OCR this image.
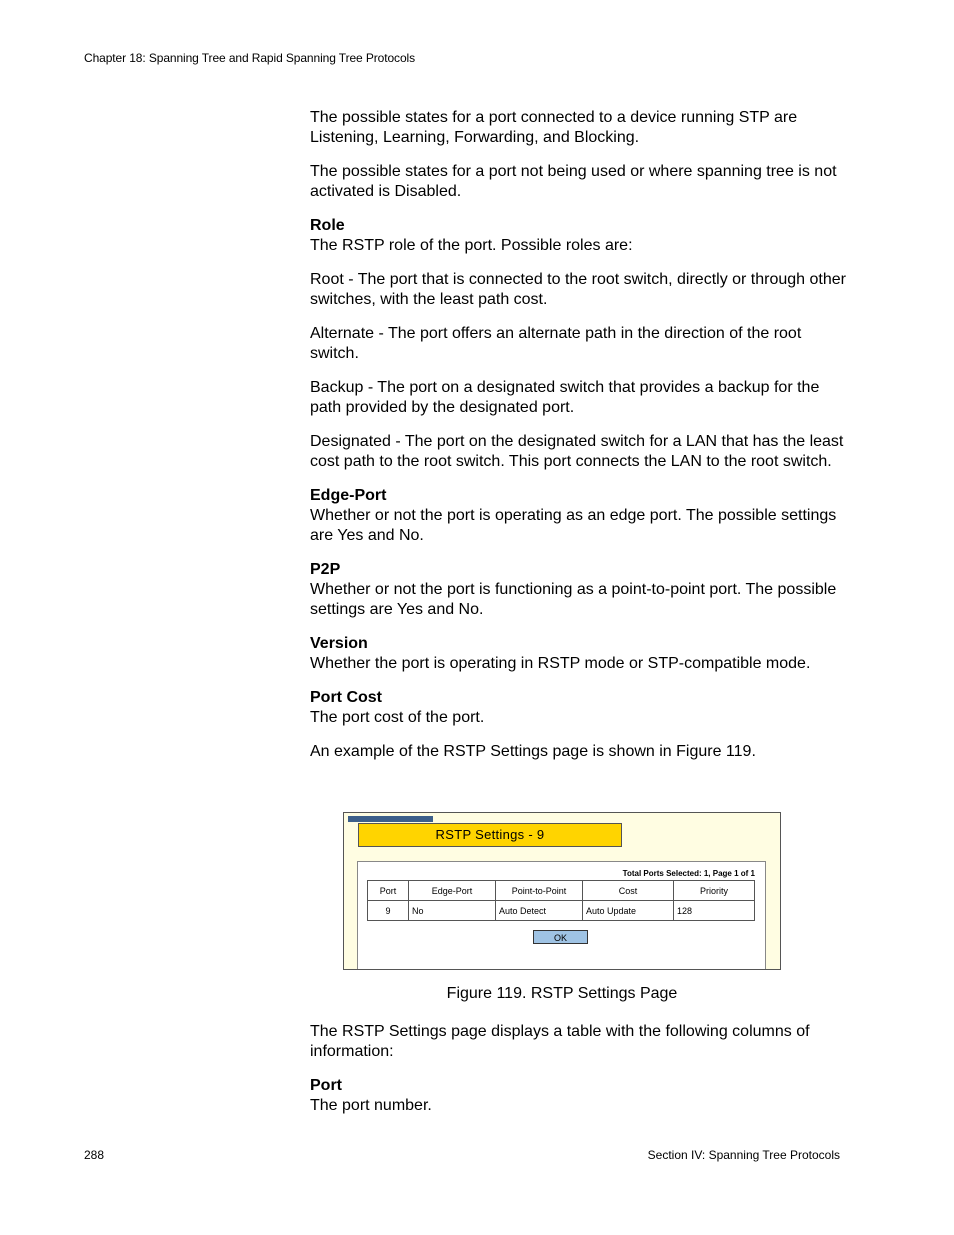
Chapter 18: Spanning Tree and Rapid Spanning Tree Protocols

The possible states for a port connected to a device running STP are Listening, Learning, Forwarding, and Blocking.

The possible states for a port not being used or where spanning tree is not activated is Disabled.

Role

The RSTP role of the port. Possible roles are:

Root - The port that is connected to the root switch, directly or through other switches, with the least path cost.

Alternate - The port offers an alternate path in the direction of the root switch.

Backup - The port on a designated switch that provides a backup for the path provided by the designated port.

Designated - The port on the designated switch for a LAN that has the least cost path to the root switch. This port connects the LAN to the root switch.

Edge-Port

Whether or not the port is operating as an edge port. The possible settings are Yes and No.

P2P

Whether or not the port is functioning as a point-to-point port. The possible settings are Yes and No.

Version

Whether the port is operating in RSTP mode or STP-compatible mode.

Port Cost

The port cost of the port.

An example of the RSTP Settings page is shown in Figure 119.

RSTP Settings - 9
Total Ports Selected: 1, Page 1 of 1
Port	Edge-Port	Point-to-Point	Cost	Priority
9	No	Auto Detect	Auto Update	128
OK
Figure 119. RSTP Settings Page

The RSTP Settings page displays a table with the following columns of information:

Port

The port number.

288	Section IV: Spanning Tree Protocols
